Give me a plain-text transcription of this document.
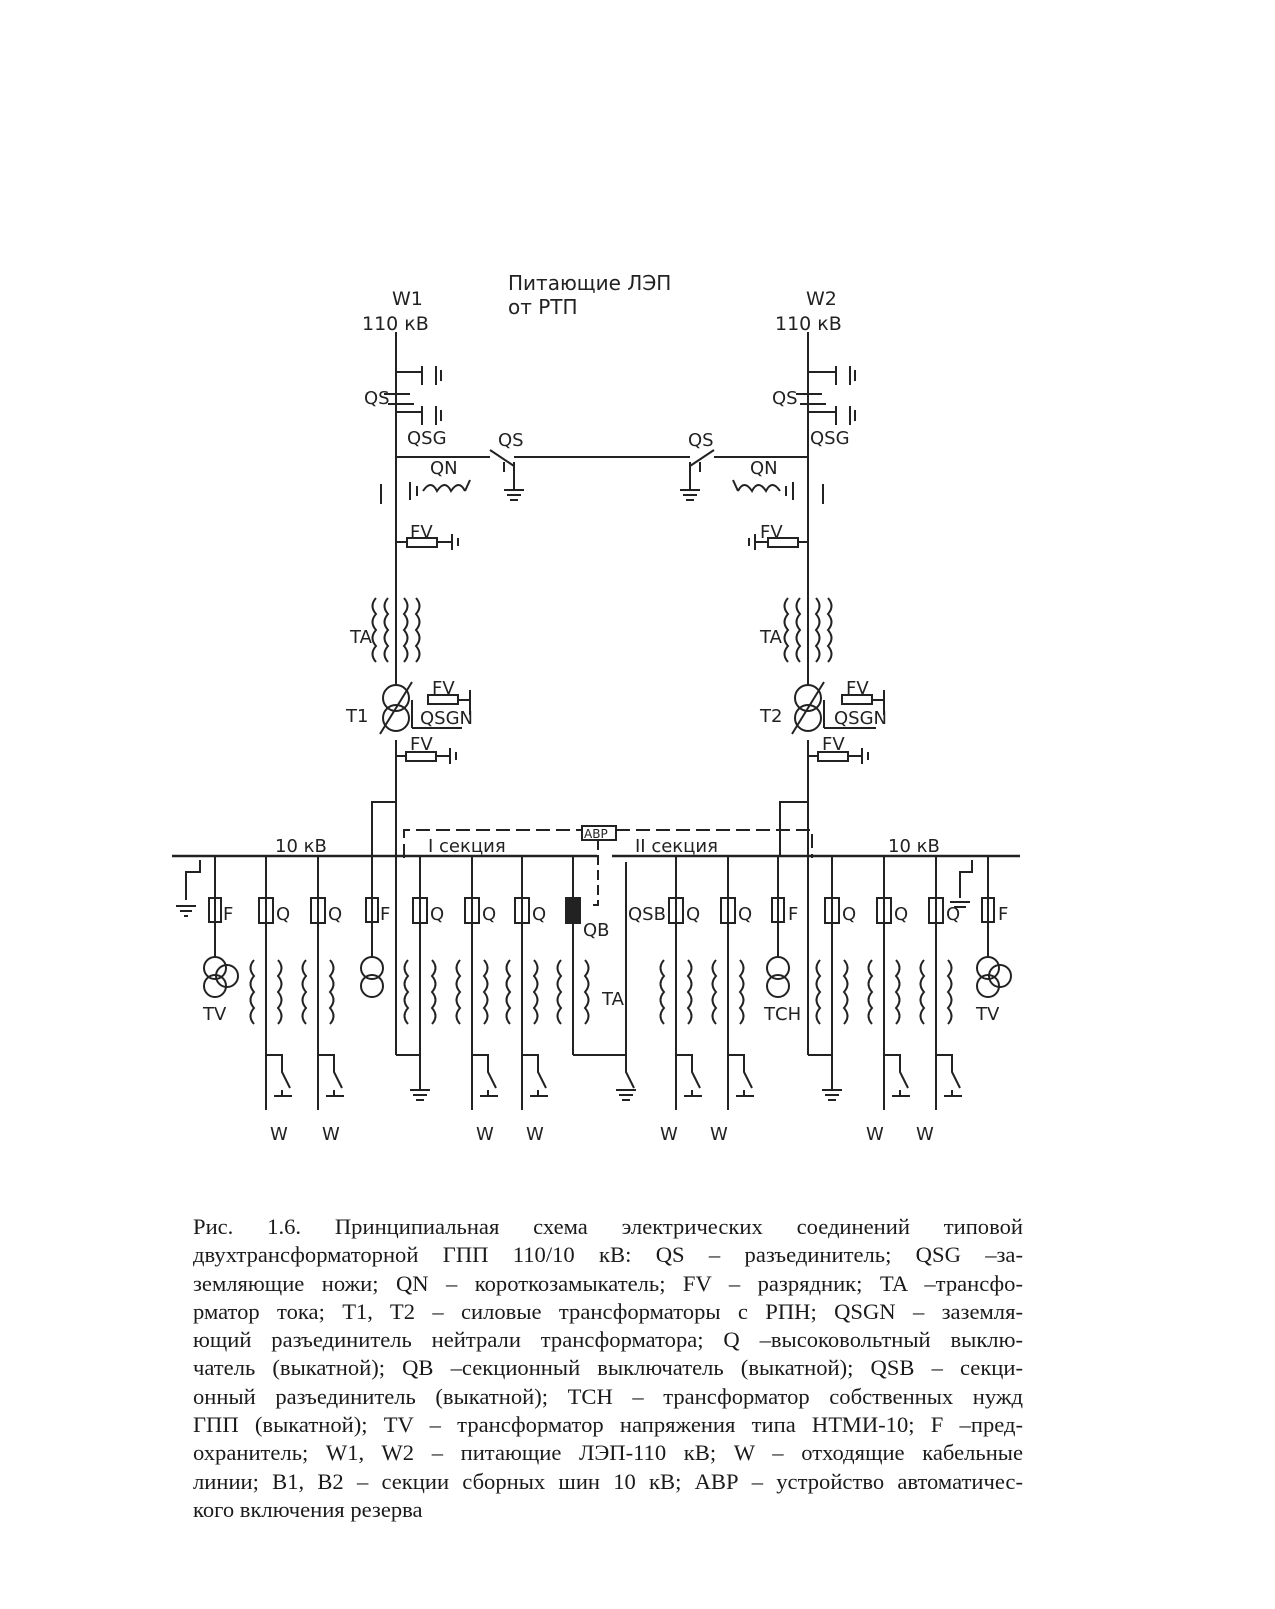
Питающие ЛЭП
от РТП
W1
110 кВ
W2
110 кВ
QS
QSG
QN
FV
TA
T1	QSGN
FV
FV
QS
QSG
QN
FV
TA
T2	QSGN
FV
FV
QS	QS
10 кВ	10 кВ
I секция	II секция
АВР
F
TV
Q
W
Q
W
F Q Q
W
Q
W
QB
TA
QSB Q
W
Q
W
F
ТСН
Q Q
W
Q
W
F
TV

Рис. 1.6. Принципиальная схема электрических соединений типовой

двухтрансформаторной ГПП 110/10 кВ: QS – разъединитель; QSG –за-

земляющие ножи; QN – короткозамыкатель; FV – разрядник; TA –трансфо-

рматор тока; T1, T2 – силовые трансформаторы с РПН; QSGN – заземля-

ющий разъединитель нейтрали трансформатора; Q –высоковольтный выклю-

чатель (выкатной); QB –секционный выключатель (выкатной); QSB – секци-

онный разъединитель (выкатной); TCH – трансформатор собственных нужд

ГПП (выкатной); TV – трансформатор напряжения типа НТМИ-10; F –пред-

охранитель; W1, W2 – питающие ЛЭП-110 кВ; W – отходящие кабельные

линии; B1, B2 – секции сборных шин 10 кВ; АВР – устройство автоматичес-

кого включения резерва
